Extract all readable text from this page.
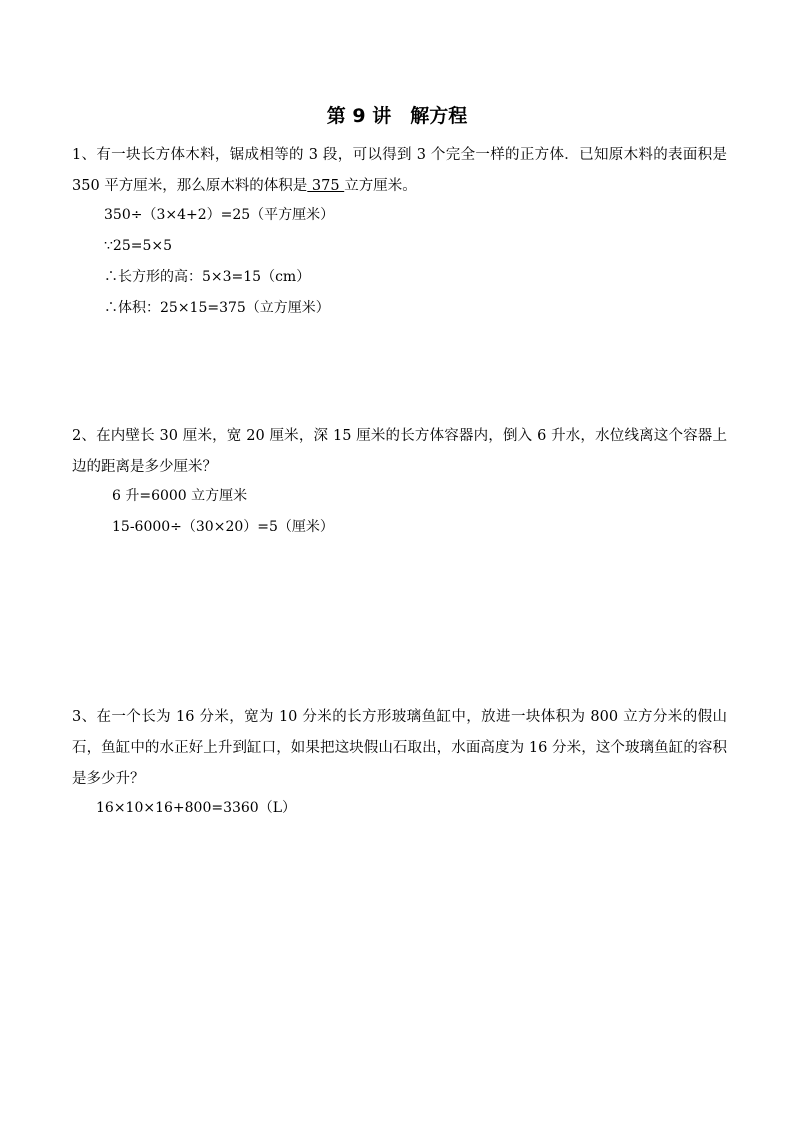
第 9 讲　解方程
1、有一块长方体木料，锯成相等的 3 段，可以得到 3 个完全一样的正方体．已知原木料的表面积是 350 平方厘米，那么原木料的体积是 375 立方厘米。
350÷（3×4+2）=25（平方厘米）
∵25=5×5
∴长方形的高：5×3=15（cm）
∴体积：25×15=375（立方厘米）
2、在内壁长 30 厘米，宽 20 厘米，深 15 厘米的长方体容器内，倒入 6 升水，水位线离这个容器上边的距离是多少厘米？
6 升=6000 立方厘米
15-6000÷（30×20）=5（厘米）
3、在一个长为 16 分米，宽为 10 分米的长方形玻璃鱼缸中，放进一块体积为 800 立方分米的假山石，鱼缸中的水正好上升到缸口，如果把这块假山石取出，水面高度为 16 分米，这个玻璃鱼缸的容积是多少升？
16×10×16+800=3360（L）
